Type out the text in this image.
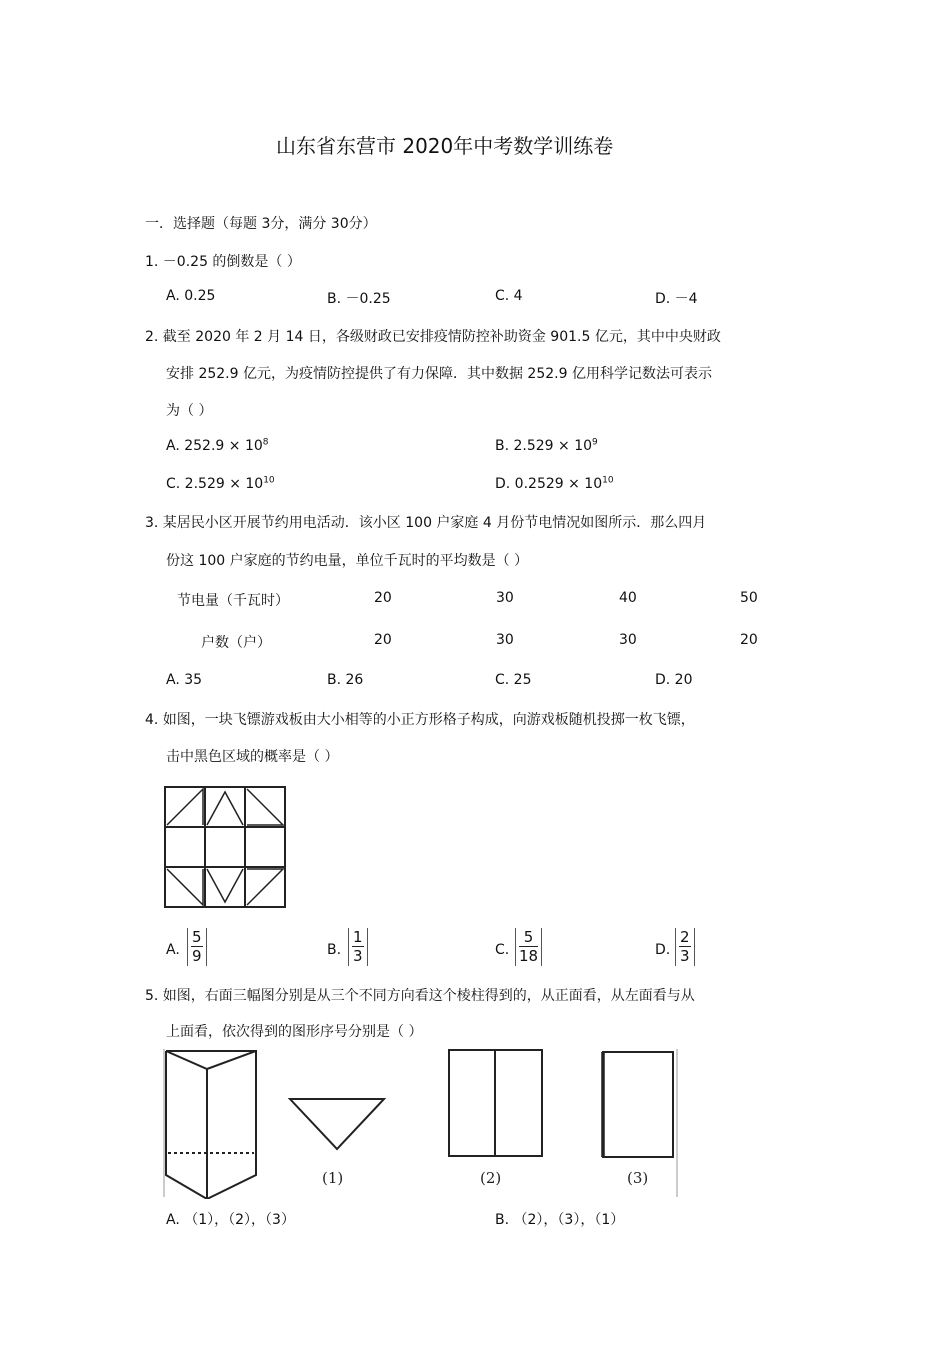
山东省东营市 2020年中考数学训练卷
一．选择题（每题 3分，满分 30分）
1. －0.25 的倒数是（ ）
A. 0.25	B. －0.25	C. 4	D. －4
2. 截至 2020 年 2 月 14 日，各级财政已安排疫情防控补助资金 901.5 亿元，其中中央财政
安排 252.9 亿元，为疫情防控提供了有力保障．其中数据 252.9 亿用科学记数法可表示
为（ ）
A. $252.9 \times 10^8$	B. $2.529 \times 10^9$
C. $2.529 \times 10^{10}$	D. $0.2529 \times 10^{10}$
3. 某居民小区开展节约用电活动．该小区 100 户家庭 4 月份节电情况如图所示．那么四月
份这 100 户家庭的节约电量，单位千瓦时的平均数是（ ）
节电量（千瓦时）	20	30	40	50
户数（户）	20	30	30	20
A. 35	B. 26	C. 25	D. 20
4. 如图，一块飞镖游戏板由大小相等的小正方形格子构成，向游戏板随机投掷一枚飞镖，
击中黑色区域的概率是（ ）
A. $\frac{5}{9}$	B. $\frac{1}{3}$	C. $\frac{5}{18}$	D. $\frac{2}{3}$
5. 如图，右面三幅图分别是从三个不同方向看这个棱柱得到的，从正面看，从左面看与从
上面看，依次得到的图形序号分别是（ ）
(1)	(2)	(3)
A. （1），（2），（3）	B. （2），（3），（1）
